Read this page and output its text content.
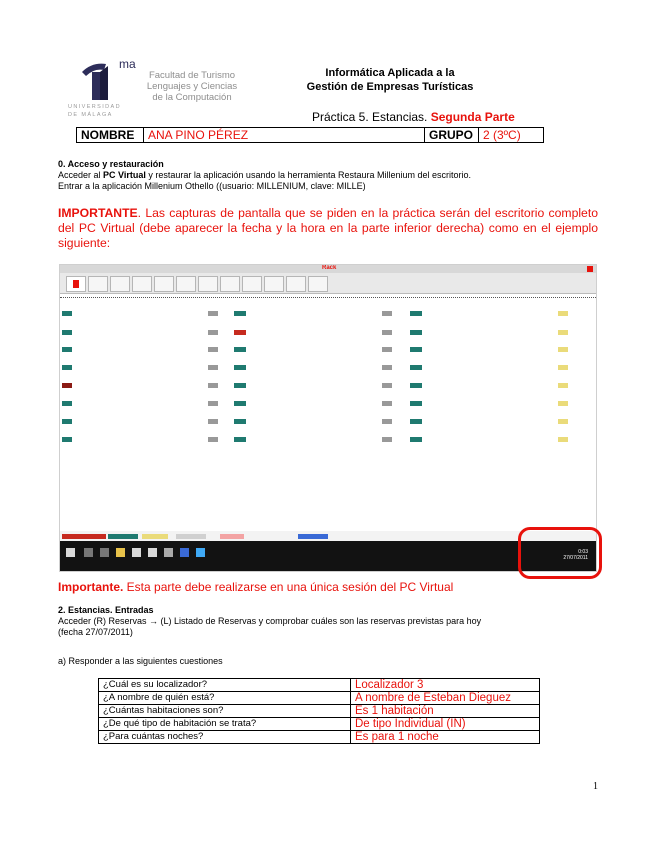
ma
Facultad de Turismo
Lenguajes y Ciencias
de la Computación
UNIVERSIDAD
DE MÁLAGA
Informática Aplicada a la
Gestión de Empresas Turísticas
Práctica 5. Estancias. Segunda Parte
NOMBRE	ANA PINO PÉREZ	GRUPO	2 (3ºC)
0. Acceso y restauración
Acceder al PC Virtual y restaurar la aplicación usando la herramienta Restaura Millenium del escritorio.
Entrar a la aplicación Millenium Othello ((usuario: MILLENIUM, clave: MILLE)
IMPORTANTE. Las capturas de pantalla que se piden en la práctica serán del escritorio completo del PC Virtual (debe aparecer la fecha y la hora en la parte inferior derecha) como en el ejemplo siguiente:
Rack
0:03
27/07/2011
Importante. Esta parte debe realizarse en una única sesión del PC Virtual
2. Estancias. Entradas
Acceder (R) Reservas → (L) Listado de Reservas y comprobar cuáles son las reservas previstas para hoy
(fecha 27/07/2011)
a) Responder a las siguientes cuestiones
¿Cuál es su localizador?	Localizador 3
¿A nombre de quién está?	A nombre de Esteban Dieguez
¿Cuántas habitaciones son?	Es 1 habitación
¿De qué tipo de habitación se trata?	De tipo Individual (IN)
¿Para cuántas noches?	Es para 1 noche
1
